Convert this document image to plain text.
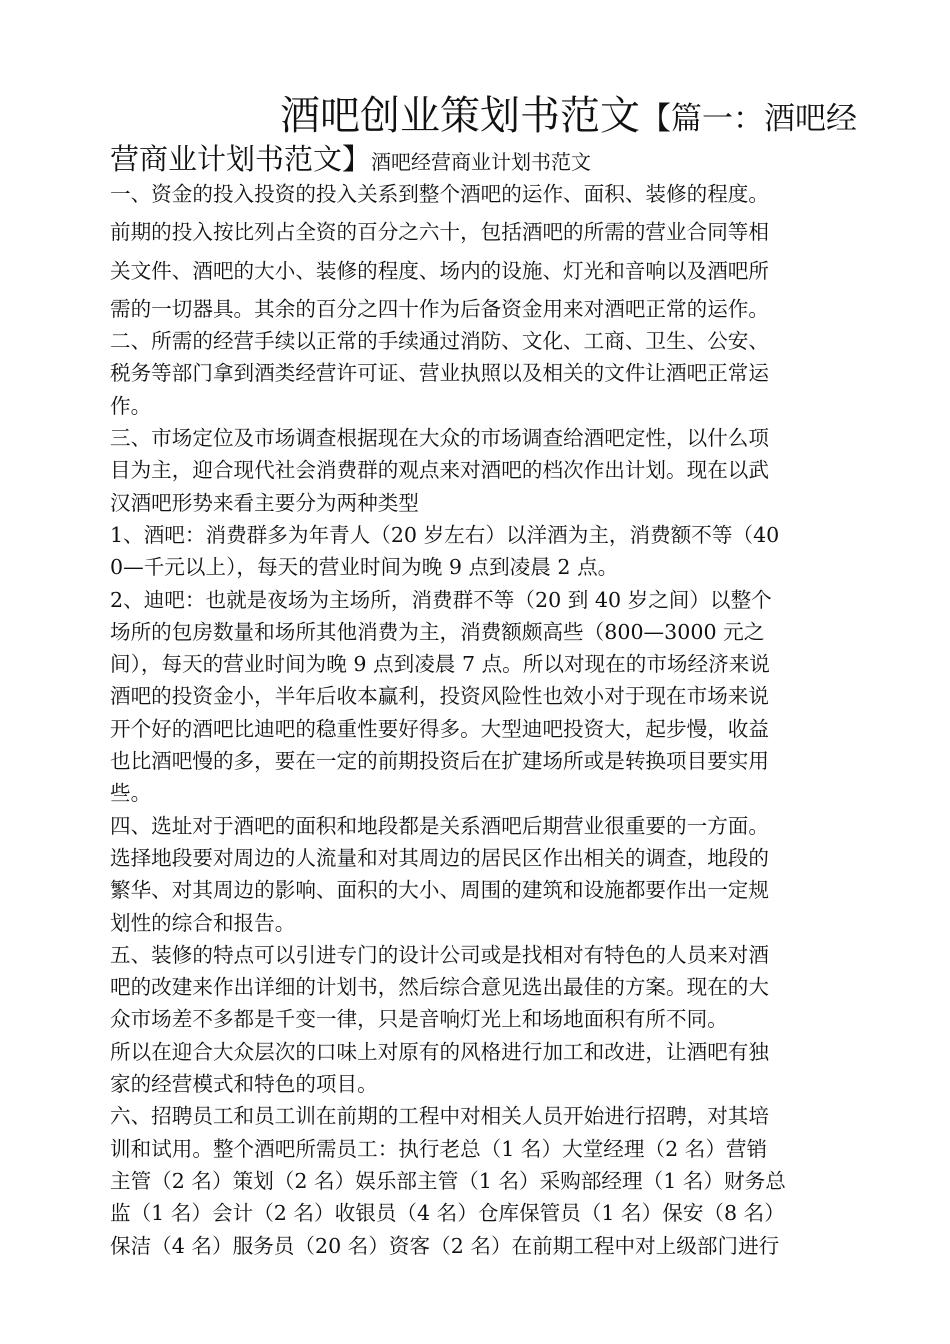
酒吧创业策划书范文【篇一：酒吧经
营商业计划书范文】酒吧经营商业计划书范文
一、资金的投入投资的投入关系到整个酒吧的运作、面积、装修的程度。
前期的投入按比列占全资的百分之六十，包括酒吧的所需的营业合同等相
关文件、酒吧的大小、装修的程度、场内的设施、灯光和音响以及酒吧所
需的一切器具。其余的百分之四十作为后备资金用来对酒吧正常的运作。
二、所需的经营手续以正常的手续通过消防、文化、工商、卫生、公安、
税务等部门拿到酒类经营许可证、营业执照以及相关的文件让酒吧正常运
作。
三、市场定位及市场调查根据现在大众的市场调查给酒吧定性，以什么项
目为主，迎合现代社会消费群的观点来对酒吧的档次作出计划。现在以武
汉酒吧形势来看主要分为两种类型
1、酒吧：消费群多为年青人（20 岁左右）以洋酒为主，消费额不等（40
0—千元以上），每天的营业时间为晚 9 点到凌晨 2 点。
2、迪吧：也就是夜场为主场所，消费群不等（20 到 40 岁之间）以整个
场所的包房数量和场所其他消费为主，消费额颇高些（800—3000 元之
间），每天的营业时间为晚 9 点到凌晨 7 点。所以对现在的市场经济来说
酒吧的投资金小，半年后收本赢利，投资风险性也效小对于现在市场来说
开个好的酒吧比迪吧的稳重性要好得多。大型迪吧投资大，起步慢，收益
也比酒吧慢的多，要在一定的前期投资后在扩建场所或是转换项目要实用
些。
四、选址对于酒吧的面积和地段都是关系酒吧后期营业很重要的一方面。
选择地段要对周边的人流量和对其周边的居民区作出相关的调查，地段的
繁华、对其周边的影响、面积的大小、周围的建筑和设施都要作出一定规
划性的综合和报告。
五、装修的特点可以引进专门的设计公司或是找相对有特色的人员来对酒
吧的改建来作出详细的计划书，然后综合意见选出最佳的方案。现在的大
众市场差不多都是千变一律，只是音响灯光上和场地面积有所不同。
所以在迎合大众层次的口味上对原有的风格进行加工和改进，让酒吧有独
家的经营模式和特色的项目。
六、招聘员工和员工训在前期的工程中对相关人员开始进行招聘，对其培
训和试用。整个酒吧所需员工：执行老总（1 名）大堂经理（2 名）营销
主管（2 名）策划（2 名）娱乐部主管（1 名）采购部经理（1 名）财务总
监（1 名）会计（2 名）收银员（4 名）仓库保管员（1 名）保安（8 名）
保洁（4 名）服务员（20 名）资客（2 名）在前期工程中对上级部门进行
